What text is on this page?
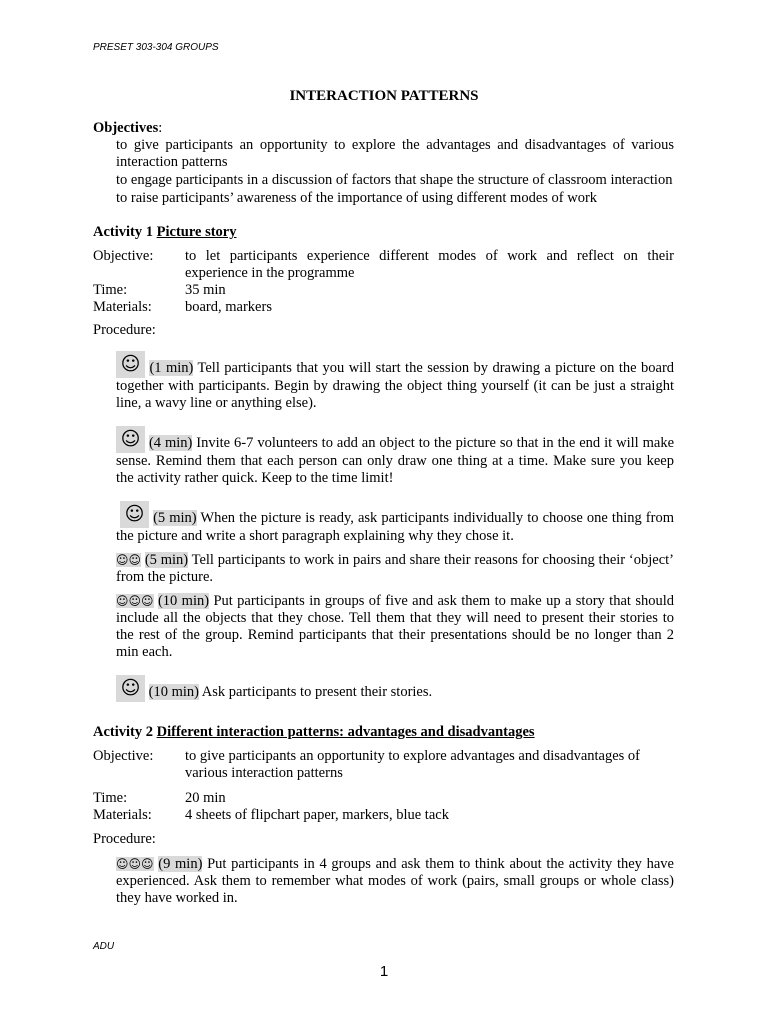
PRESET 303-304 GROUPS
INTERACTION PATTERNS
Objectives:
to give participants an opportunity to explore the advantages and disadvantages of various interaction patterns
to engage participants in a discussion of factors that shape the structure of classroom interaction
to raise participants’ awareness of the importance of using different modes of work
Activity 1 Picture story
Objective:	to let participants experience different modes of work and reflect on their experience in the programme
Time:	35 min
Materials:	board, markers
Procedure:
☺ (1 min) Tell participants that you will start the session by drawing a picture on the board together with participants. Begin by drawing the object thing yourself (it can be just a straight line, a wavy line or anything else).
☺ (4 min) Invite 6-7 volunteers to add an object to the picture so that in the end it will make sense. Remind them that each person can only draw one thing at a time. Make sure you keep the activity rather quick. Keep to the time limit!
☺ (5 min) When the picture is ready, ask participants individually to choose one thing from the picture and write a short paragraph explaining why they chose it.
☺☺ (5 min) Tell participants to work in pairs and share their reasons for choosing their ‘object’ from the picture.
☺☺☺ (10 min) Put participants in groups of five and ask them to make up a story that should include all the objects that they chose. Tell them that they will need to present their stories to the rest of the group. Remind participants that their presentations should be no longer than 2 min each.
☺ (10 min) Ask participants to present their stories.
Activity 2 Different interaction patterns: advantages and disadvantages
Objective:	to give participants an opportunity to explore advantages and disadvantages of various interaction patterns
Time:	20 min
Materials:	4 sheets of flipchart paper, markers, blue tack
Procedure:
☺☺☺ (9 min) Put participants in 4 groups and ask them to think about the activity they have experienced. Ask them to remember what modes of work (pairs, small groups or whole class) they have worked in.
ADU
1
